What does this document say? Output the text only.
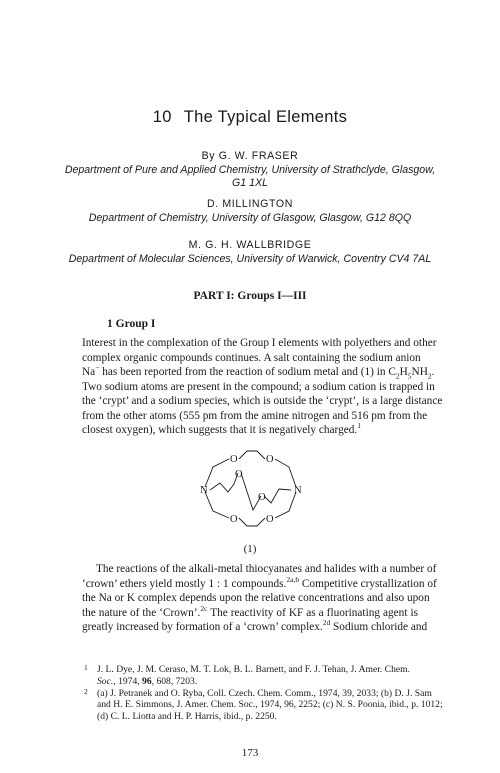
10 The Typical Elements
By G. W. FRASER
Department of Pure and Applied Chemistry, University of Strathclyde, Glasgow,
G1 1XL
D. MILLINGTON
Department of Chemistry, University of Glasgow, Glasgow, G12 8QQ
M. G. H. WALLBRIDGE
Department of Molecular Sciences, University of Warwick, Coventry CV4 7AL
PART I: Groups I—III
1 Group I
Interest in the complexation of the Group I elements with polyethers and other
complex organic compounds continues. A salt containing the sodium anion
Na− has been reported from the reaction of sodium metal and (1) in $C_2H_5NH_2$.
Two sodium atoms are present in the compound; a sodium cation is trapped in
the ‘crypt’ and a sodium species, which is outside the ‘crypt’, is a large distance
from the other atoms (555 pm from the amine nitrogen and 516 pm from the
closest oxygen), which suggests that it is negatively charged.$^1$
N	N
O	O
O
O
O	O
(1)
The reactions of the alkali-metal thiocyanates and halides with a number of
‘crown’ ethers yield mostly 1 : 1 compounds.$^{2a,b}$ Competitive crystallization of
the Na or K complex depends upon the relative concentrations and also upon
the nature of the ‘Crown’.$^{2c}$ The reactivity of KF as a fluorinating agent is
greatly increased by formation of a ‘crown’ complex.$^{2d}$ Sodium chloride and
1 J. L. Dye, J. M. Ceraso, M. T. Lok, B. L. Barnett, and F. J. Tehan, J. Amer. Chem.
Soc., 1974, 96, 608, 7203.
2 (a) J. Petranek and O. Ryba, Coll. Czech. Chem. Comm., 1974, 39, 2033; (b) D. J. Sam
and H. E. Simmons, J. Amer. Chem. Soc., 1974, 96, 2252; (c) N. S. Poonia, ibid., p. 1012;
(d) C. L. Liotta and H. P. Harris, ibid., p. 2250.
173
